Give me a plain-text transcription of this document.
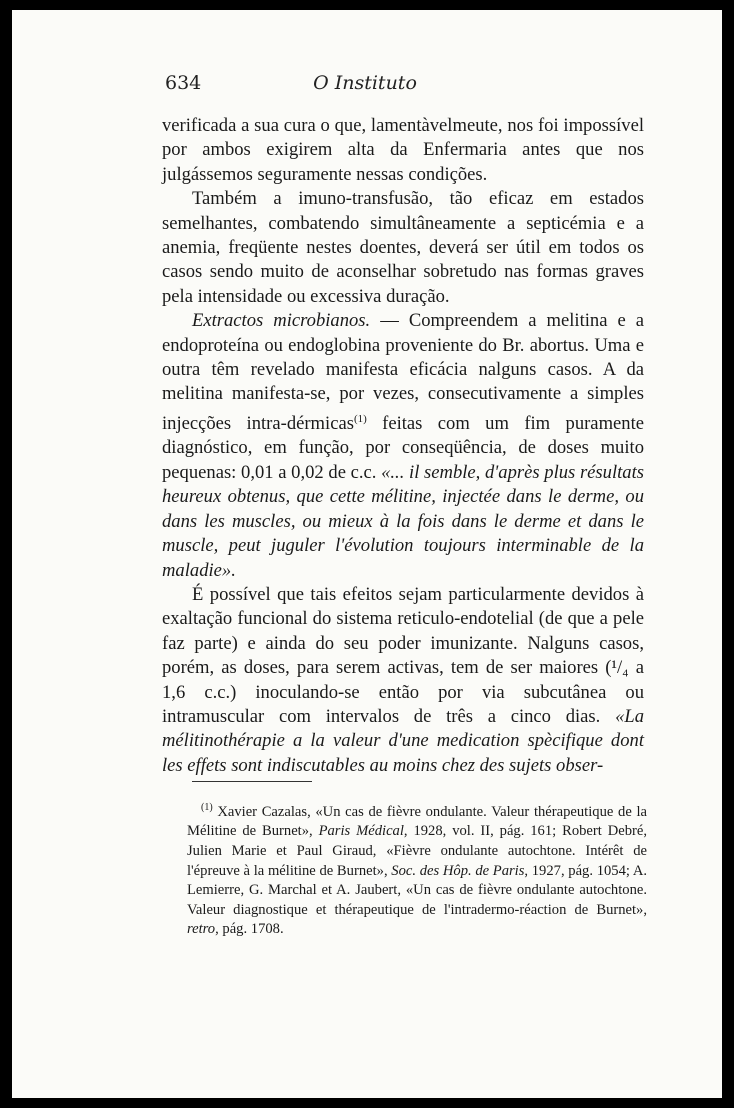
634	O Instituto

verificada a sua cura o que, lamentàvelmeute, nos foi impossível por ambos exigirem alta da Enfermaria antes que nos julgássemos seguramente nessas condições.

Também a imuno-transfusão, tão eficaz em estados semelhantes, combatendo simultâneamente a septicémia e a anemia, freqüente nestes doentes, deverá ser útil em todos os casos sendo muito de aconselhar sobretudo nas formas graves pela intensidade ou excessiva duração.

Extractos microbianos. — Compreendem a melitina e a endoproteína ou endoglobina proveniente do Br. abortus. Uma e outra têm revelado manifesta eficácia nalguns casos. A da melitina manifesta-se, por vezes, consecutivamente a simples injecções intra-dérmicas$^{(1)}$ feitas com um fim puramente diagnóstico, em função, por conseqüência, de doses muito pequenas: 0,01 a 0,02 de c.c. «... il semble, d'après plus résultats heureux obtenus, que cette mélitine, injectée dans le derme, ou dans les muscles, ou mieux à la fois dans le derme et dans le muscle, peut juguler l'évolution toujours interminable de la maladie».

É possível que tais efeitos sejam particularmente devidos à exaltação funcional do sistema reticulo-endotelial (de que a pele faz parte) e ainda do seu poder imunizante. Nalguns casos, porém, as doses, para serem activas, tem de ser maiores (¹/₄ a 1,6 c.c.) inoculando-se então por via subcutânea ou intramuscular com intervalos de três a cinco dias. «La mélitinothérapie a la valeur d'une medication spècifique dont les effets sont indiscutables au moins chez des sujets obser-

$^{(1)}$ Xavier Cazalas, «Un cas de fièvre ondulante. Valeur thérapeutique de la Mélitine de Burnet», Paris Médical, 1928, vol. II, pág. 161; Robert Debré, Julien Marie et Paul Giraud, «Fièvre ondulante autochtone. Intérêt de l'épreuve à la mélitine de Burnet», Soc. des Hôp. de Paris, 1927, pág. 1054; A. Lemierre, G. Marchal et A. Jaubert, «Un cas de fièvre ondulante autochtone. Valeur diagnostique et thérapeutique de l'intradermo-réaction de Burnet», retro, pág. 1708.
